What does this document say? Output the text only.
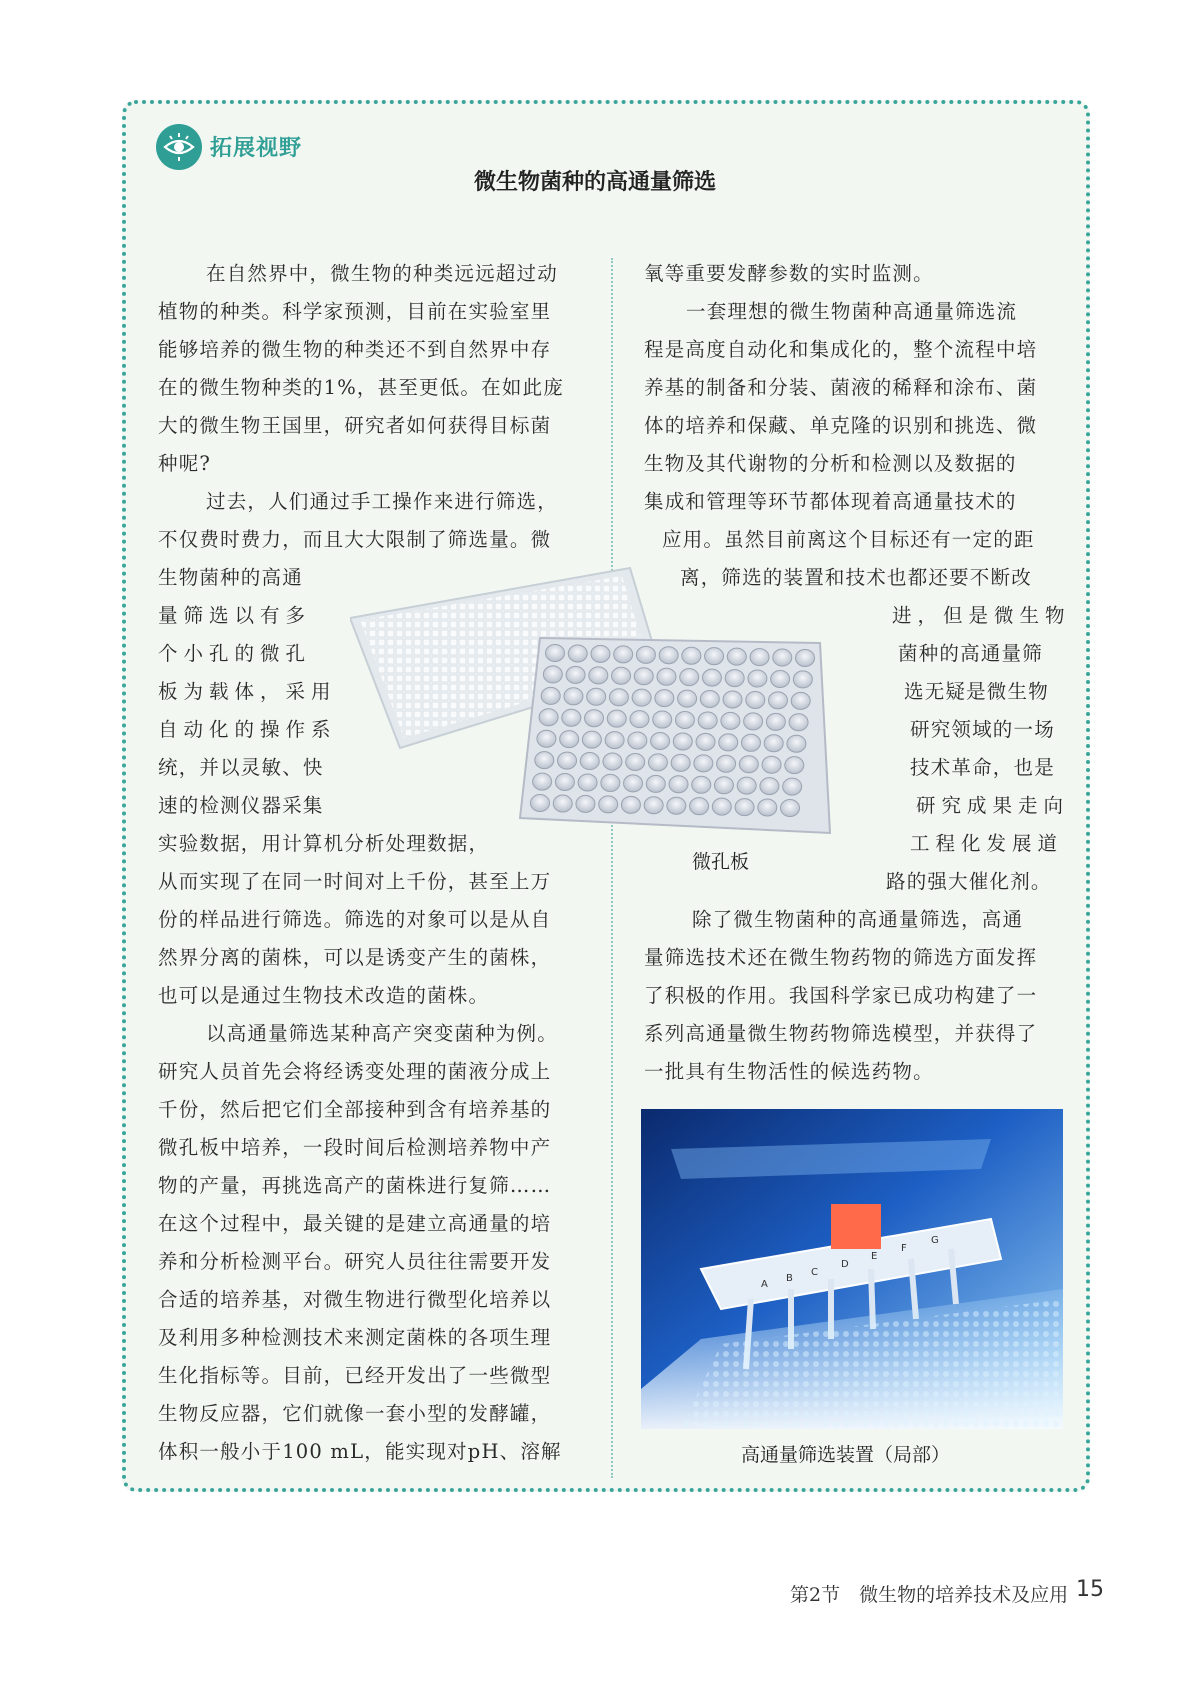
拓展视野
微生物菌种的高通量筛选
在自然界中，微生物的种类远远超过动
植物的种类。科学家预测，目前在实验室里
能够培养的微生物的种类还不到自然界中存
在的微生物种类的1%，甚至更低。在如此庞
大的微生物王国里，研究者如何获得目标菌
种呢?
过去，人们通过手工操作来进行筛选，
不仅费时费力，而且大大限制了筛选量。微
生物菌种的高通
量筛选以有多
个小孔的微孔
板为载体，采用
自动化的操作系
统，并以灵敏、快
速的检测仪器采集
实验数据，用计算机分析处理数据，
从而实现了在同一时间对上千份，甚至上万
份的样品进行筛选。筛选的对象可以是从自
然界分离的菌株，可以是诱变产生的菌株，
也可以是通过生物技术改造的菌株。
以高通量筛选某种高产突变菌种为例。
研究人员首先会将经诱变处理的菌液分成上
千份，然后把它们全部接种到含有培养基的
微孔板中培养，一段时间后检测培养物中产
物的产量，再挑选高产的菌株进行复筛……
在这个过程中，最关键的是建立高通量的培
养和分析检测平台。研究人员往往需要开发
合适的培养基，对微生物进行微型化培养以
及利用多种检测技术来测定菌株的各项生理
生化指标等。目前，已经开发出了一些微型
生物反应器，它们就像一套小型的发酵罐，
体积一般小于100 mL，能实现对pH、溶解
氧等重要发酵参数的实时监测。
一套理想的微生物菌种高通量筛选流
程是高度自动化和集成化的，整个流程中培
养基的制备和分装、菌液的稀释和涂布、菌
体的培养和保藏、单克隆的识别和挑选、微
生物及其代谢物的分析和检测以及数据的
集成和管理等环节都体现着高通量技术的
应用。虽然目前离这个目标还有一定的距
离，筛选的装置和技术也都还要不断改
进，但是微生物
菌种的高通量筛
选无疑是微生物
研究领域的一场
技术革命，也是
研究成果走向
工程化发展道
路的强大催化剂。
除了微生物菌种的高通量筛选，高通
量筛选技术还在微生物药物的筛选方面发挥
了积极的作用。我国科学家已成功构建了一
系列高通量微生物药物筛选模型，并获得了
一批具有生物活性的候选药物。
微孔板
A B C D E F G
高通量筛选装置（局部）
第2节　微生物的培养技术及应用 15
